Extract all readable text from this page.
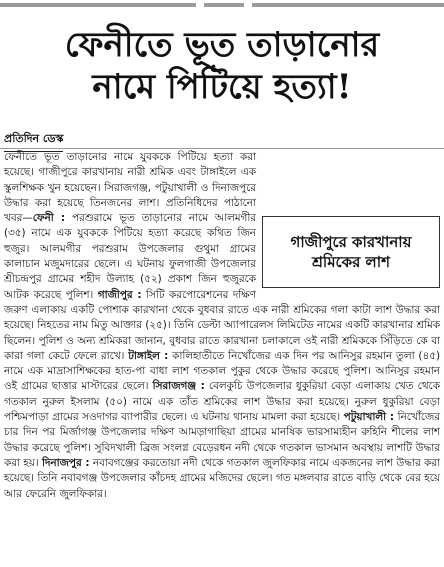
ফেনীতে ভূত তাড়ানোর
নামে পিটিয়ে হত্যা!
প্রতিদিন ডেস্ক
গাজীপুরে কারখানায় শ্রমিকের লাশ
ফেনীতে ভূত তাড়ানোর নামে যুবককে পিটিয়ে হত্যা করা হয়েছে। গাজীপুরে কারখানায় নারী শ্রমিক এবং টাঙ্গাইলে এক স্কুলশিক্ষক খুন হয়েছেন। সিরাজগঞ্জ, পটুয়াখালী ও দিনাজপুরে উদ্ধার করা হয়েছে তিনজনের লাশ। প্রতিনিধিদের পাঠানো খবর—ফেনী : পরশুরামে ভূত তাড়ানোর নামে আলমগীর (৩৫) নামে এক যুবককে পিটিয়ে হত্যা করেছে কথিত জিন হুজুর। আলমগীর পরশুরাম উপজেলার গুথুমা গ্রামের কালাচান মজুমদারের ছেলে। এ ঘটনায় ফুলগাজী উপজেলার শ্রীচন্দ্রপুর গ্রামের শহীদ উল্যাহ (৫২) প্রকাশ জিন হুজুরকে আটক করেছে পুলিশ। গাজীপুর : সিটি করপোরেশনের দক্ষিণ জরুণ এলাকায় একটি পোশাক কারখানা থেকে বুধবার রাতে এক নারী শ্রমিকের গলা কাটা লাশ উদ্ধার করা হয়েছে। নিহতের নাম মিতু আক্তার (২৫)। তিনি ডেল্টা অ্যাপারেলস লিমিটেড নামের একটি কারখানার শ্রমিক ছিলেন। পুলিশ ও অন্য শ্রমিকরা জানান, বুধবার রাতে কারখানা চলাকালে ওই নারী শ্রমিককে সিঁড়িতে কে বা কারা গলা কেটে ফেলে রাখে। টাঙ্গাইল : কালিহাতীতে নিখোঁজের এক দিন পর আনিসুর রহমান তুলা (৪৫) নামে এক মাদ্রাসাশিক্ষকের হাত-পা বাধা লাশ গতকাল পুকুর থেকে উদ্ধার করেছে পুলিশ। আনিসুর রহমান ওই গ্রামের ছাত্তার মাস্টারের ছেলে। সিরাজগঞ্জ : বেলকুচি উপজেলার ধুকুরিয়া বেড়া এলাকায় খেত থেকে গতকাল নুরুল ইসলাম (৫০) নামে এক তাঁত শ্রমিকের লাশ উদ্ধার করা হয়েছে। নুরুল ধুকুরিয়া বেড়া পশ্চিমপাড়া গ্রামের সওদাগর ব্যাপারীর ছেলে। এ ঘটনায় থানায় মামলা করা হয়েছে। পটুয়াখালী : নিখোঁজের চার দিন পর মির্জাগঞ্জ উপজেলার দক্ষিণ আমড়াগাছিয়া গ্রামের মানষিক ভারসাম্যহীন রুহিনি শীলের লাশ উদ্ধার করেছে পুলিশ। সুবিদখালী ব্রিজ সংলগ্ন বেড়েরধন নদী থেকে গতকাল ভাসমান অবস্থায় লাশটি উদ্ধার করা হয়। দিনাজপুর : নবাবগঞ্জের করতোয়া নদী থেকে গতকাল জুলফিকার নামে একজনের লাশ উদ্ধার করা হয়েছে। তিনি নবাবগঞ্জ উপজেলার কাঁচদহ গ্রামের মজিদের ছেলে। গত মঙ্গলবার রাতে বাড়ি থেকে বের হয়ে আর ফেরেনি জুলফিকার।
